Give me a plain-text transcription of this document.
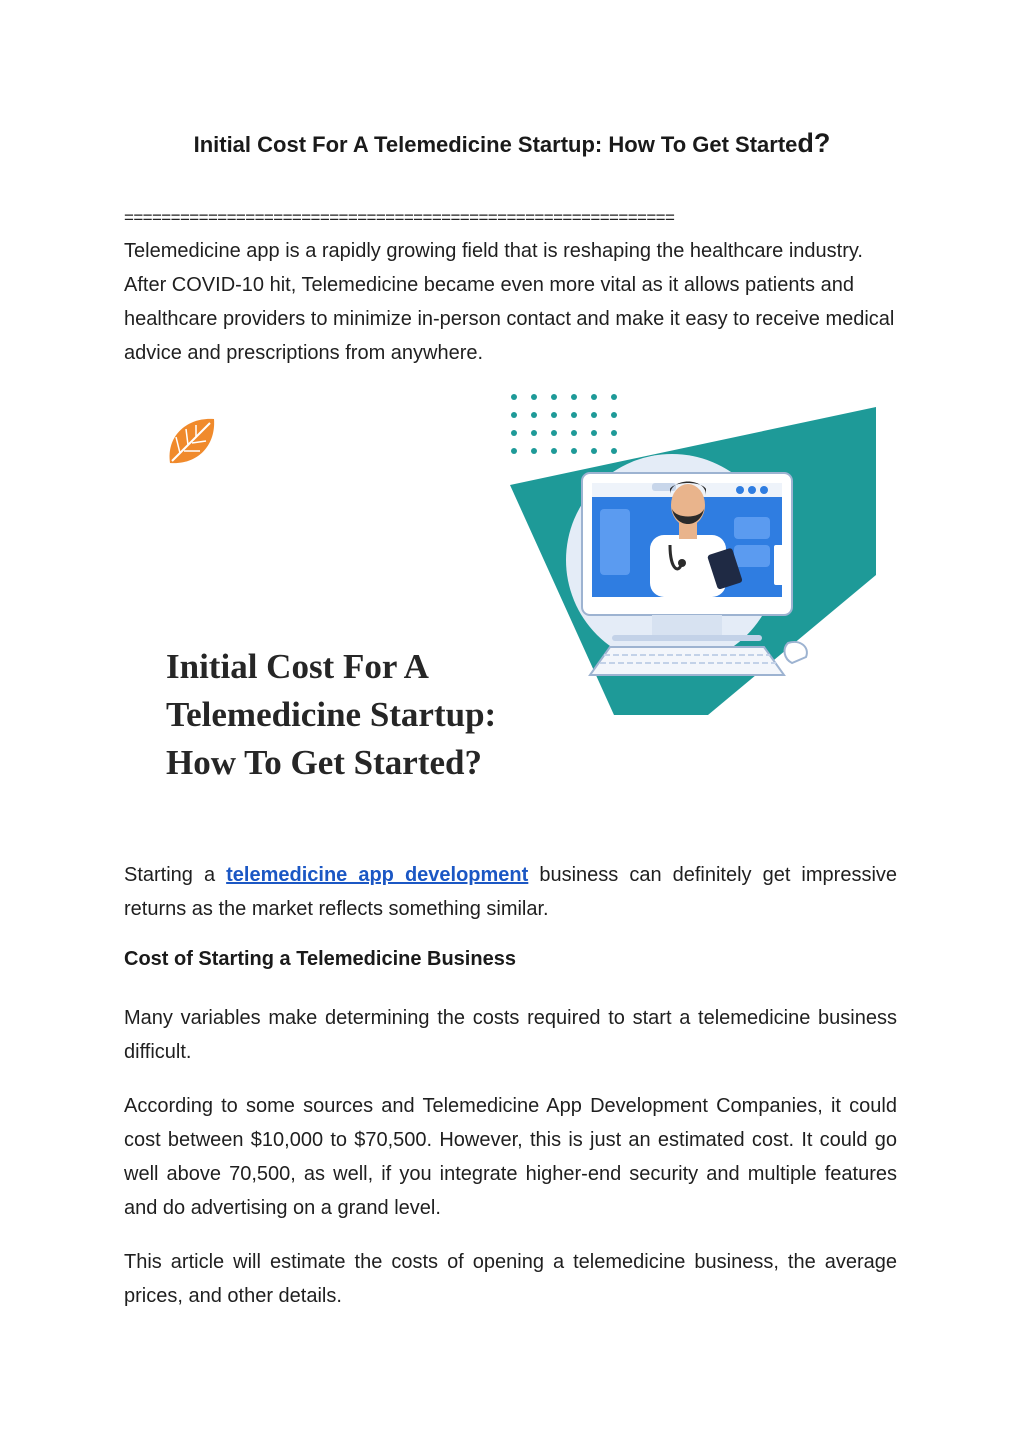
Initial Cost For A Telemedicine Startup: How To Get Started?
===========================================================
Telemedicine app is a rapidly growing field that is reshaping the healthcare industry. After COVID-10 hit, Telemedicine became even more vital as it allows patients and healthcare providers to minimize in-person contact and make it easy to receive medical advice and prescriptions from anywhere.
Initial Cost For A
Telemedicine Startup:
How To Get Started?
Starting a telemedicine app development business can definitely get impressive returns as the market reflects something similar.
Cost of Starting a Telemedicine Business
Many variables make determining the costs required to start a telemedicine business difficult.
According to some sources and Telemedicine App Development Companies, it could cost between $10,000 to $70,500. However, this is just an estimated cost. It could go well above 70,500, as well, if you integrate higher-end security and multiple features and do advertising on a grand level.
This article will estimate the costs of opening a telemedicine business, the average prices, and other details.
